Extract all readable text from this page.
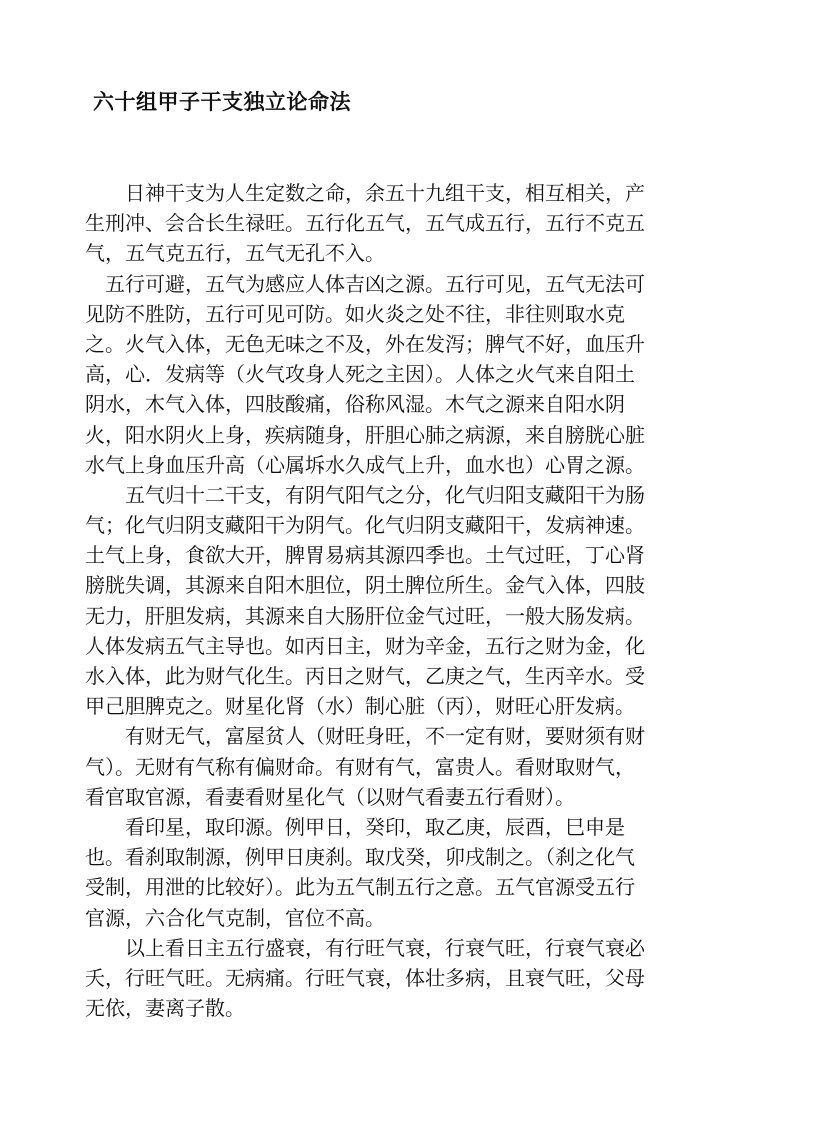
六十组甲子干支独立论命法
　　日神干支为人生定数之命，余五十九组干支，相互相关，产
生刑冲、会合长生禄旺。五行化五气，五气成五行，五行不克五
气，五气克五行，五气无孔不入。
　五行可避，五气为感应人体吉凶之源。五行可见，五气无法可
见防不胜防，五行可见可防。如火炎之处不往，非往则取水克
之。火气入体，无色无味之不及，外在发泻；脾气不好，血压升
高，心．发病等（火气攻身人死之主因）。人体之火气来自阳土
阴水，木气入体，四肢酸痛，俗称风湿。木气之源来自阳水阴
火，阳水阴火上身，疾病随身，肝胆心肺之病源，来自膀胱心脏
水气上身血压升高（心属坼水久成气上升，血水也）心胃之源。
　　五气归十二干支，有阴气阳气之分，化气归阳支藏阳干为肠
气；化气归阴支藏阳干为阴气。化气归阴支藏阳干，发病神速。
土气上身，食欲大开，脾胃易病其源四季也。土气过旺，丁心肾
膀胱失调，其源来自阳木胆位，阴土脾位所生。金气入体，四肢
无力，肝胆发病，其源来自大肠肝位金气过旺，一般大肠发病。
人体发病五气主导也。如丙日主，财为辛金，五行之财为金，化
水入体，此为财气化生。丙日之财气，乙庚之气，生丙辛水。受
甲己胆脾克之。财星化肾（水）制心脏（丙），财旺心肝发病。
　　有财无气，富屋贫人（财旺身旺，不一定有财，要财须有财
气）。无财有气称有偏财命。有财有气，富贵人。看财取财气，
看官取官源，看妻看财星化气（以财气看妻五行看财）。
　　看印星，取印源。例甲日，癸印，取乙庚，辰酉，巳申是
也。看刹取制源，例甲日庚刹。取戊癸，卯戌制之。（刹之化气
受制，用泄的比较好）。此为五气制五行之意。五气官源受五行
官源，六合化气克制，官位不高。
　　以上看日主五行盛衰，有行旺气衰，行衰气旺，行衰气衰必
夭，行旺气旺。无病痛。行旺气衰，体壮多病，且衰气旺，父母
无依，妻离子散。
